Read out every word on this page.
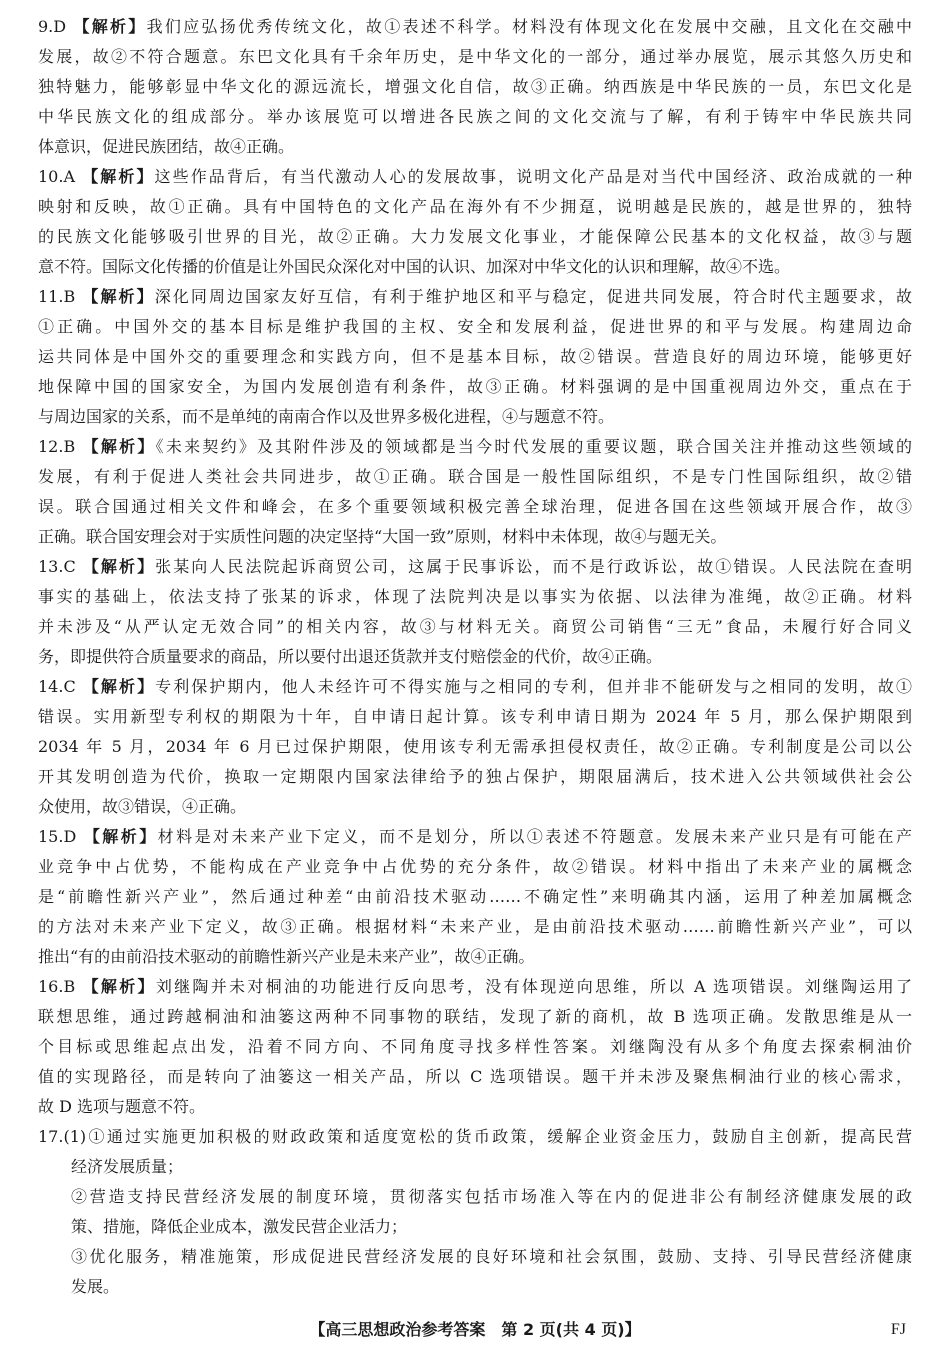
9.D 【解析】我们应弘扬优秀传统文化，故①表述不科学。材料没有体现文化在发展中交融，且文化在交融中

发展，故②不符合题意。东巴文化具有千余年历史，是中华文化的一部分，通过举办展览，展示其悠久历史和

独特魅力，能够彰显中华文化的源远流长，增强文化自信，故③正确。纳西族是中华民族的一员，东巴文化是

中华民族文化的组成部分。举办该展览可以增进各民族之间的文化交流与了解，有利于铸牢中华民族共同

体意识，促进民族团结，故④正确。

10.A 【解析】这些作品背后，有当代激动人心的发展故事，说明文化产品是对当代中国经济、政治成就的一种

映射和反映，故①正确。具有中国特色的文化产品在海外有不少拥趸，说明越是民族的，越是世界的，独特

的民族文化能够吸引世界的目光，故②正确。大力发展文化事业，才能保障公民基本的文化权益，故③与题

意不符。国际文化传播的价值是让外国民众深化对中国的认识、加深对中华文化的认识和理解，故④不选。

11.B 【解析】深化同周边国家友好互信，有利于维护地区和平与稳定，促进共同发展，符合时代主题要求，故

①正确。中国外交的基本目标是维护我国的主权、安全和发展利益，促进世界的和平与发展。构建周边命

运共同体是中国外交的重要理念和实践方向，但不是基本目标，故②错误。营造良好的周边环境，能够更好

地保障中国的国家安全，为国内发展创造有利条件，故③正确。材料强调的是中国重视周边外交，重点在于

与周边国家的关系，而不是单纯的南南合作以及世界多极化进程，④与题意不符。

12.B 【解析】《未来契约》及其附件涉及的领域都是当今时代发展的重要议题，联合国关注并推动这些领域的

发展，有利于促进人类社会共同进步，故①正确。联合国是一般性国际组织，不是专门性国际组织，故②错

误。联合国通过相关文件和峰会，在多个重要领域积极完善全球治理，促进各国在这些领域开展合作，故③

正确。联合国安理会对于实质性问题的决定坚持“大国一致”原则，材料中未体现，故④与题无关。

13.C 【解析】张某向人民法院起诉商贸公司，这属于民事诉讼，而不是行政诉讼，故①错误。人民法院在查明

事实的基础上，依法支持了张某的诉求，体现了法院判决是以事实为依据、以法律为准绳，故②正确。材料

并未涉及“从严认定无效合同”的相关内容，故③与材料无关。商贸公司销售“三无”食品，未履行好合同义

务，即提供符合质量要求的商品，所以要付出退还货款并支付赔偿金的代价，故④正确。

14.C 【解析】专利保护期内，他人未经许可不得实施与之相同的专利，但并非不能研发与之相同的发明，故①

错误。实用新型专利权的期限为十年，自申请日起计算。该专利申请日期为 2024 年 5 月，那么保护期限到

2034 年 5 月，2034 年 6 月已过保护期限，使用该专利无需承担侵权责任，故②正确。专利制度是公司以公

开其发明创造为代价，换取一定期限内国家法律给予的独占保护，期限届满后，技术进入公共领域供社会公

众使用，故③错误，④正确。

15.D 【解析】材料是对未来产业下定义，而不是划分，所以①表述不符题意。发展未来产业只是有可能在产

业竞争中占优势，不能构成在产业竞争中占优势的充分条件，故②错误。材料中指出了未来产业的属概念

是“前瞻性新兴产业”，然后通过种差“由前沿技术驱动……不确定性”来明确其内涵，运用了种差加属概念

的方法对未来产业下定义，故③正确。根据材料“未来产业，是由前沿技术驱动……前瞻性新兴产业”，可以

推出“有的由前沿技术驱动的前瞻性新兴产业是未来产业”，故④正确。

16.B 【解析】刘继陶并未对桐油的功能进行反向思考，没有体现逆向思维，所以 A 选项错误。刘继陶运用了

联想思维，通过跨越桐油和油篓这两种不同事物的联结，发现了新的商机，故 B 选项正确。发散思维是从一

个目标或思维起点出发，沿着不同方向、不同角度寻找多样性答案。刘继陶没有从多个角度去探索桐油价

值的实现路径，而是转向了油篓这一相关产品，所以 C 选项错误。题干并未涉及聚焦桐油行业的核心需求，

故 D 选项与题意不符。

17.(1)①通过实施更加积极的财政政策和适度宽松的货币政策，缓解企业资金压力，鼓励自主创新，提高民营

经济发展质量；

②营造支持民营经济发展的制度环境，贯彻落实包括市场准入等在内的促进非公有制经济健康发展的政

策、措施，降低企业成本，激发民营企业活力；

③优化服务，精准施策，形成促进民营经济发展的良好环境和社会氛围，鼓励、支持、引导民营经济健康

发展。

【高三思想政治参考答案　第 2 页(共 4 页)】	FJ
